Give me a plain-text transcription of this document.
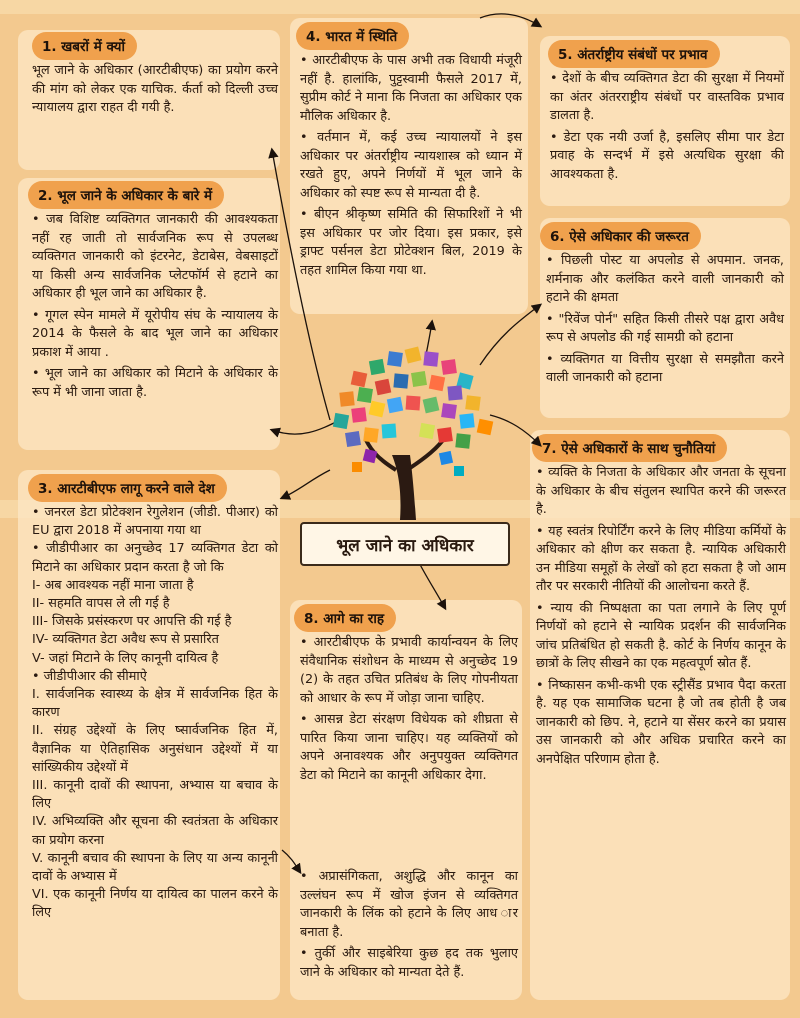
1. खबरों में क्यों

भूल जाने के अधिकार (आरटीबीएफ) का प्रयोग करने की मांग को लेकर एक याचिक. र्कर्ता को दिल्ली उच्च न्यायालय द्वारा राहत दी गयी है.

2. भूल जाने के अधिकार के बारे में

• जब विशिष्ट व्यक्तिगत जानकारी की आवश्यकता नहीं रह जाती तो सार्वजनिक रूप से उपलब्ध व्यक्तिगत जानकारी को इंटरनेट, डेटाबेस, वेबसाइटों या किसी अन्य सार्वजनिक प्लेटफॉर्म से हटाने का अधिकार ही भूल जाने का अधिकार है.

• गूगल स्पेन मामले में यूरोपीय संघ के न्यायालय के 2014 के फैसले के बाद भूल जाने का अधिकार प्रकाश में आया .

• भूल जाने का अधिकार को मिटाने के अधिकार के रूप में भी जाना जाता है.

3. आरटीबीएफ लागू करने वाले देश

• जनरल डेटा प्रोटेक्शन रेगुलेशन (जीडी. पीआर) को EU द्वारा 2018 में अपनाया गया था

• जीडीपीआर का अनुच्छेद 17 व्यक्तिगत डेटा को मिटाने का अधिकार प्रदान करता है जो कि

I- अब आवश्यक नहीं माना जाता है

II- सहमति वापस ले ली गई है

III- जिसके प्रसंस्करण पर आपत्ति की गई है

IV- व्यक्तिगत डेटा अवैध रूप से प्रसारित

V- जहां मिटाने के लिए कानूनी दायित्व है

• जीडीपीआर की सीमाऐ

I. सार्वजनिक स्वास्थ्य के क्षेत्र में सार्वजनिक हित के कारण

II. संग्रह उद्देश्यों के लिए ष्सार्वजनिक हित में, वैज्ञानिक या ऐतिहासिक अनुसंधान उद्देश्यों में या सांख्यिकीय उद्देश्यों में

III. कानूनी दावों की स्थापना, अभ्यास या बचाव के लिए

IV. अभिव्यक्ति और सूचना की स्वतंत्रता के अधिकार का प्रयोग करना

V. कानूनी बचाव की स्थापना के लिए या अन्य कानूनी दावों के अभ्यास में

VI. एक कानूनी निर्णय या दायित्व का पालन करने के लिए

4. भारत में स्थिति

• आरटीबीएफ के पास अभी तक विधायी मंजूरी नहीं है. हालांकि, पुट्टस्वामी फैसले 2017 में, सुप्रीम कोर्ट ने माना कि निजता का अधिकार एक मौलिक अधिकार है.

• वर्तमान में, कई उच्च न्यायालयों ने इस अधिकार पर अंतर्राष्ट्रीय न्यायशास्त्र को ध्यान में रखते हुए, अपने निर्णयों में भूल जाने के अधिकार को स्पष्ट रूप से मान्यता दी है.

• बीएन श्रीकृष्ण समिति की सिफारिशों ने भी इस अधिकार पर जोर दिया। इस प्रकार, इसे ड्राफ्ट पर्सनल डेटा प्रोटेक्शन बिल, 2019 के तहत शामिल किया गया था.

5. अंतर्राष्ट्रीय संबंधों पर प्रभाव

• देशों के बीच व्यक्तिगत डेटा की सुरक्षा में नियमों का अंतर अंतरराष्ट्रीय संबंधों पर वास्तविक प्रभाव डालता है.

• डेटा एक नयी उर्जा है, इसलिए सीमा पार डेटा प्रवाह के सन्दर्भ में इसे अत्यधिक सुरक्षा की आवश्यकता है.

6. ऐसे अधिकार की जरूरत

• पिछली पोस्ट या अपलोड से अपमान. जनक, शर्मनाक और कलंकित करने वाली जानकारी को हटाने की क्षमता

• "रिवेंज पोर्न" सहित किसी तीसरे पक्ष द्वारा अवैध रूप से अपलोड की गई सामग्री को हटाना

• व्यक्तिगत या वित्तीय सुरक्षा से समझौता करने वाली जानकारी को हटाना

7. ऐसे अधिकारों के साथ चुनौतियां

• व्यक्ति के निजता के अधिकार और जनता के सूचना के अधिकार के बीच संतुलन स्थापित करने की जरूरत है.

• यह स्वतंत्र रिपोर्टिंग करने के लिए मीडिया कर्मियों के अधिकार को क्षीण कर सकता है. न्यायिक अधिकारी उन मीडिया समूहों के लेखों को हटा सकता है जो आम तौर पर सरकारी नीतियों की आलोचना करते हैं.

• न्याय की निष्पक्षता का पता लगाने के लिए पूर्ण निर्णयों को हटाने से न्यायिक प्रदर्शन की सार्वजनिक जांच प्रतिबंधित हो सकती है. कोर्ट के निर्णय कानून के छात्रों के लिए सीखने का एक महत्वपूर्ण स्रोत हैं.

• निष्कासन कभी-कभी एक स्ट्रीसैंड प्रभाव पैदा करता है. यह एक सामाजिक घटना है जो तब होती है जब जानकारी को छिप. ने, हटाने या सेंसर करने का प्रयास उस जानकारी को और अधिक प्रचारित करने का अनपेक्षित परिणाम होता है.

8. आगे का राह

• आरटीबीएफ के प्रभावी कार्यान्वयन के लिए संवैधानिक संशोधन के माध्यम से अनुच्छेद 19 (2) के तहत उचित प्रतिबंध के लिए गोपनीयता को आधार के रूप में जोड़ा जाना चाहिए.

• आसन्न डेटा संरक्षण विधेयक को शीघ्रता से पारित किया जाना चाहिए। यह व्यक्तियों को अपने अनावश्यक और अनुपयुक्त व्यक्तिगत डेटा को मिटाने का कानूनी अधिकार देगा.

• अप्रासंगिकता, अशुद्धि और कानून का उल्लंघन रूप में खोज इंजन से व्यक्तिगत जानकारी के लिंक को हटाने के लिए आध ार बनाता है.

• तुर्की और साइबेरिया कुछ हद तक भुलाए जाने के अधिकार को मान्यता देते हैं.

भूल जाने का अधिकार
